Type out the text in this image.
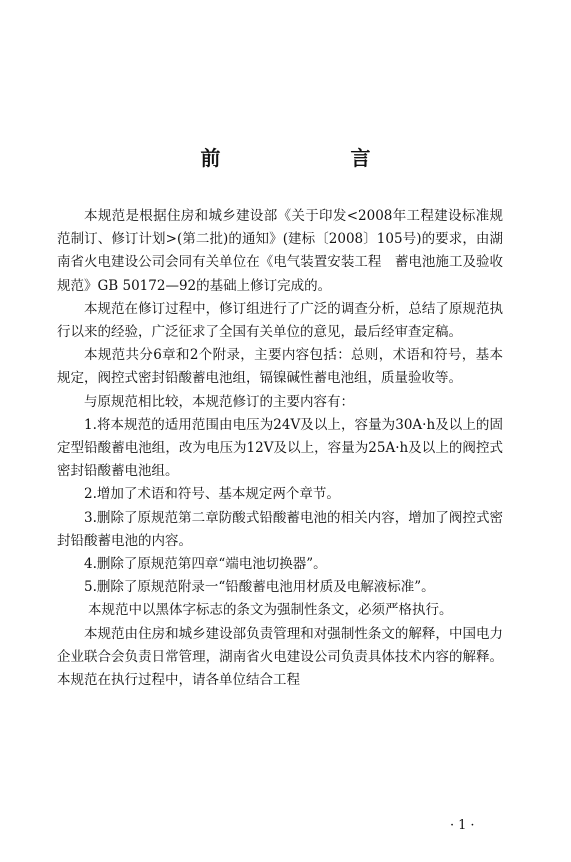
前　　言

本规范是根据住房和城乡建设部《关于印发<2008年工程建设标准规范制订、修订计划>(第二批)的通知》(建标〔2008〕105号)的要求，由湖南省火电建设公司会同有关单位在《电气装置安装工程　蓄电池施工及验收规范》GB 50172—92的基础上修订完成的。

本规范在修订过程中，修订组进行了广泛的调查分析，总结了原规范执行以来的经验，广泛征求了全国有关单位的意见，最后经审查定稿。

本规范共分6章和2个附录，主要内容包括：总则，术语和符号，基本规定，阀控式密封铅酸蓄电池组，镉镍碱性蓄电池组，质量验收等。

与原规范相比较，本规范修订的主要内容有：

1.将本规范的适用范围由电压为24V及以上，容量为30A·h及以上的固定型铅酸蓄电池组，改为电压为12V及以上，容量为25A·h及以上的阀控式密封铅酸蓄电池组。

2.增加了术语和符号、基本规定两个章节。

3.删除了原规范第二章防酸式铅酸蓄电池的相关内容，增加了阀控式密封铅酸蓄电池的内容。

4.删除了原规范第四章“端电池切换器”。

5.删除了原规范附录一“铅酸蓄电池用材质及电解液标准”。

本规范中以黑体字标志的条文为强制性条文，必须严格执行。

本规范由住房和城乡建设部负责管理和对强制性条文的解释，中国电力企业联合会负责日常管理，湖南省火电建设公司负责具体技术内容的解释。本规范在执行过程中，请各单位结合工程

·1·
